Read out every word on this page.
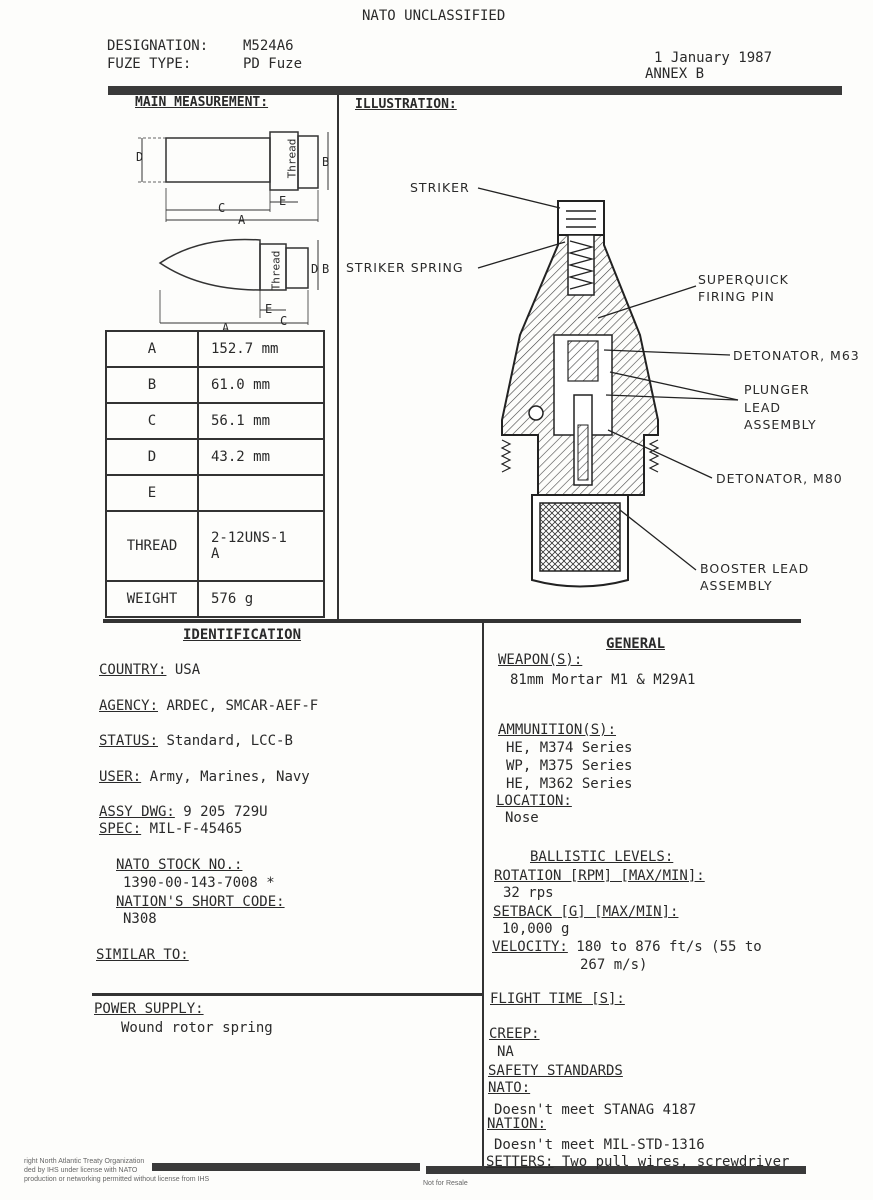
NATO UNCLASSIFIED
DESIGNATION: M524A6
FUZE TYPE:	PD Fuze	1 January 1987
ANNEX B
MAIN MEASUREMENT:	ILLUSTRATION:
D	B
Thread
E
C
A
Thread D B
E
C
A
A	152.7 mm
B	61.0 mm
C	56.1 mm
D	43.2 mm
E	
THREAD	2-12UNS-1
A

WEIGHT	576 g
STRIKER
STRIKER SPRING
SUPERQUICK
FIRING PIN
DETONATOR, M63
PLUNGER
LEAD
ASSEMBLY
DETONATOR, M80
BOOSTER LEAD
ASSEMBLY
IDENTIFICATION
COUNTRY: USA
AGENCY: ARDEC, SMCAR-AEF-F
STATUS: Standard, LCC-B
USER: Army, Marines, Navy
ASSY DWG: 9 205 729U
SPEC: MIL-F-45465
NATO STOCK NO.:
1390-00-143-7008 *
NATION'S SHORT CODE:
N308
SIMILAR TO:
POWER SUPPLY:
Wound rotor spring
GENERAL
WEAPON(S):
81mm Mortar M1 & M29A1
AMMUNITION(S):
HE, M374 Series
WP, M375 Series
HE, M362 Series
LOCATION:
Nose
BALLISTIC LEVELS:
ROTATION [RPM] [MAX/MIN]:
32 rps
SETBACK [G] [MAX/MIN]:
10,000 g
VELOCITY: 180 to 876 ft/s (55 to
267 m/s)
FLIGHT TIME [S]:
CREEP:
NA
SAFETY STANDARDS
NATO:
Doesn't meet STANAG 4187
NATION:
Doesn't meet MIL-STD-1316
SETTERS: Two pull wires, screwdriver
right North Atlantic Treaty Organization
ded by IHS under license with NATO
production or networking permitted without license from IHS
Not for Resale
